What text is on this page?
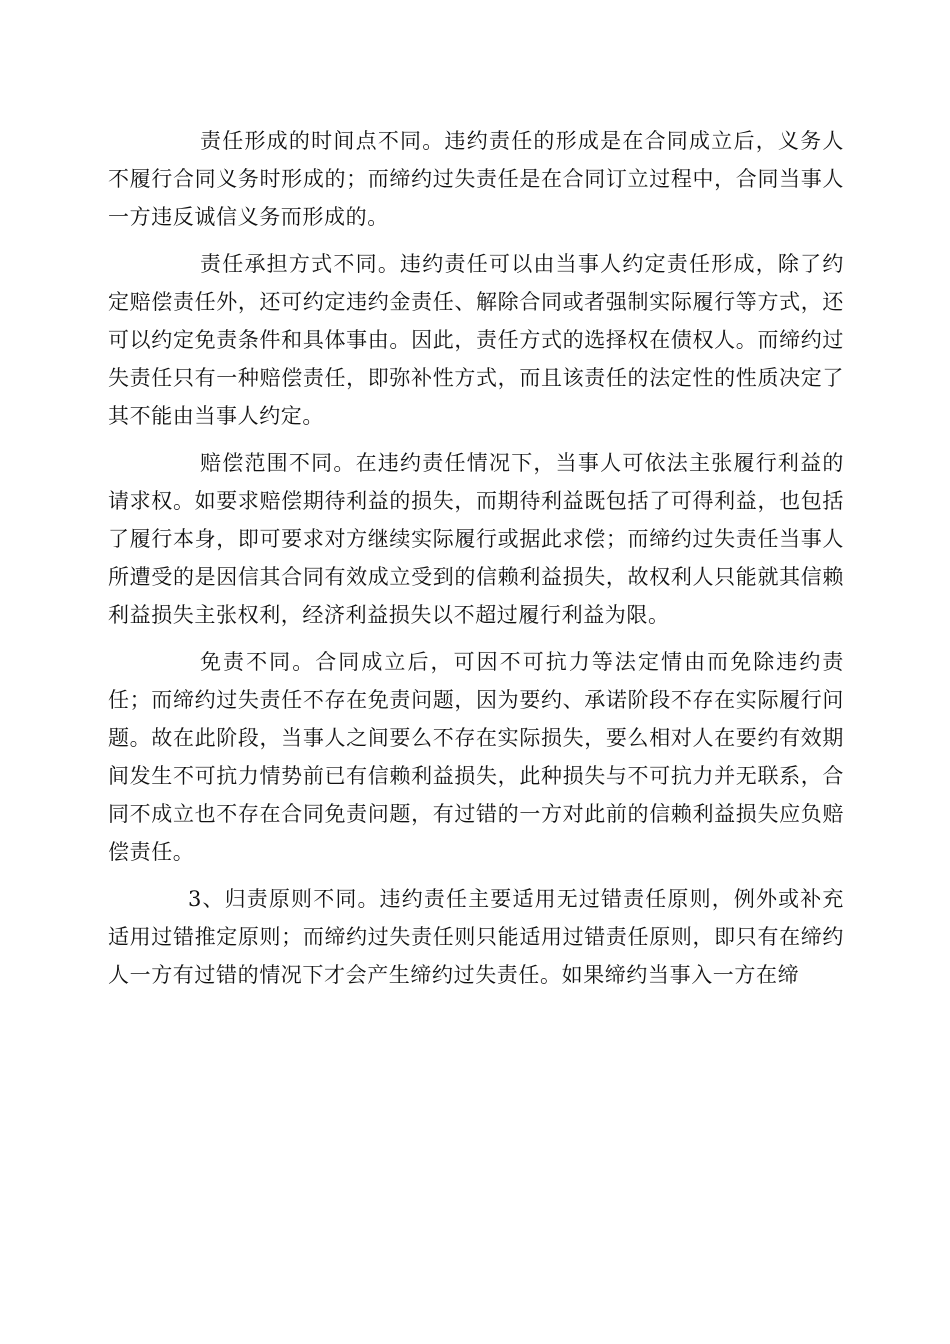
责任形成的时间点不同。违约责任的形成是在合同成立后，义务人不履行合同义务时形成的；而缔约过失责任是在合同订立过程中，合同当事人一方违反诚信义务而形成的。

责任承担方式不同。违约责任可以由当事人约定责任形成，除了约定赔偿责任外，还可约定违约金责任、解除合同或者强制实际履行等方式，还可以约定免责条件和具体事由。因此，责任方式的选择权在债权人。而缔约过失责任只有一种赔偿责任，即弥补性方式，而且该责任的法定性的性质决定了其不能由当事人约定。

赔偿范围不同。在违约责任情况下，当事人可依法主张履行利益的请求权。如要求赔偿期待利益的损失，而期待利益既包括了可得利益，也包括了履行本身，即可要求对方继续实际履行或据此求偿；而缔约过失责任当事人所遭受的是因信其合同有效成立受到的信赖利益损失，故权利人只能就其信赖利益损失主张权利，经济利益损失以不超过履行利益为限。

免责不同。合同成立后，可因不可抗力等法定情由而免除违约责任；而缔约过失责任不存在免责问题，因为要约、承诺阶段不存在实际履行问题。故在此阶段，当事人之间要么不存在实际损失，要么相对人在要约有效期间发生不可抗力情势前已有信赖利益损失，此种损失与不可抗力并无联系，合同不成立也不存在合同免责问题，有过错的一方对此前的信赖利益损失应负赔偿责任。

3、归责原则不同。违约责任主要适用无过错责任原则，例外或补充适用过错推定原则；而缔约过失责任则只能适用过错责任原则，即只有在缔约人一方有过错的情况下才会产生缔约过失责任。如果缔约当事入一方在缔
